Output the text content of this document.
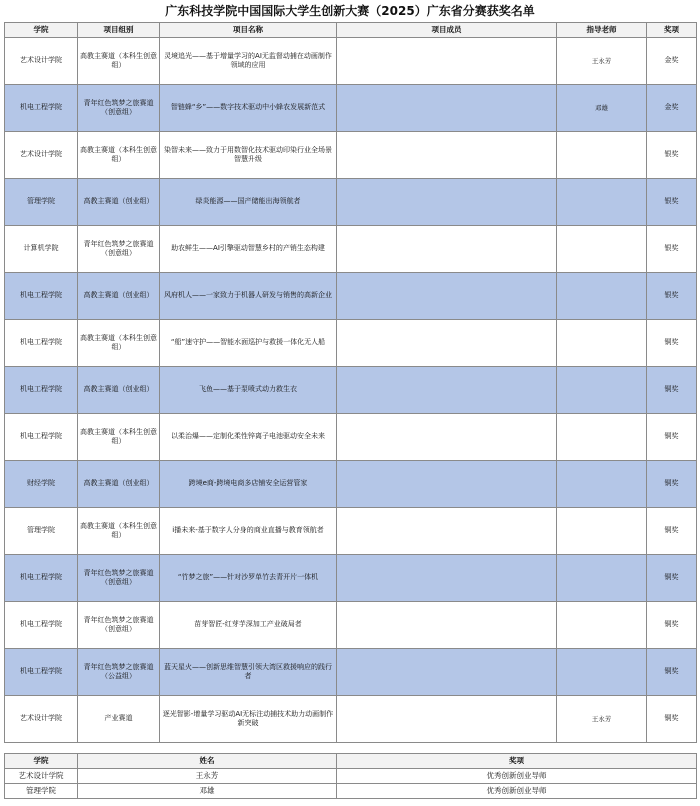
广东科技学院中国国际大学生创新大赛（2025）广东省分赛获奖名单
学院	项目组别	项目名称	项目成员	指导老师	奖项
艺术设计学院	高教主赛道（本科生创意组）	灵境追光——基于增量学习的AI无监督动捕在动画制作领域的应用		王永芳	金奖
机电工程学院	青年红色筑梦之旅赛道（创意组）	智链蜂“乡”——数字技术驱动中小蜂农发展新范式		邓雄	金奖
艺术设计学院	高教主赛道（本科生创意组）	染智未来——致力于用数智化技术驱动印染行业全场景智慧升级			银奖
管理学院	高教主赛道（创业组）	绿炎能源——国产储能出海领航者			银奖
计算机学院	青年红色筑梦之旅赛道（创意组）	助农鲜生——AI引擎驱动智慧乡村的产销生态构建			银奖
机电工程学院	高教主赛道（创业组）	风府机人——一家致力于机器人研发与销售的高新企业			银奖
机电工程学院	高教主赛道（本科生创意组）	“船”速守护——智能水面巡护与救援一体化无人船			铜奖
机电工程学院	高教主赛道（创业组）	飞鱼——基于泵喷式动力救生衣			铜奖
机电工程学院	高教主赛道（本科生创意组）	以柔治爆——定制化柔性锌离子电池驱动安全未来			铜奖
财经学院	高教主赛道（创业组）	跨境e商-跨境电商多店铺安全运营管家			铜奖
管理学院	高教主赛道（本科生创意组）	i播未来-基于数字人分身的商业直播与教育领航者			铜奖
机电工程学院	青年红色筑梦之旅赛道（创意组）	“竹梦之旅”——针对沙罗单竹去青开片一体机			铜奖
机电工程学院	青年红色筑梦之旅赛道（创意组）	苗芽智匠-红芽芋深加工产业破局者			铜奖
机电工程学院	青年红色筑梦之旅赛道（公益组）	蓝天星火——创新思维智慧引领大湾区救援响应的践行者			铜奖
艺术设计学院	产业赛道	逐光智影-增量学习驱动AI无标注动捕技术助力动画制作新突破		王永芳	铜奖
学院	姓名	奖项
艺术设计学院	王永芳	优秀创新创业导师
管理学院	邓雄	优秀创新创业导师
